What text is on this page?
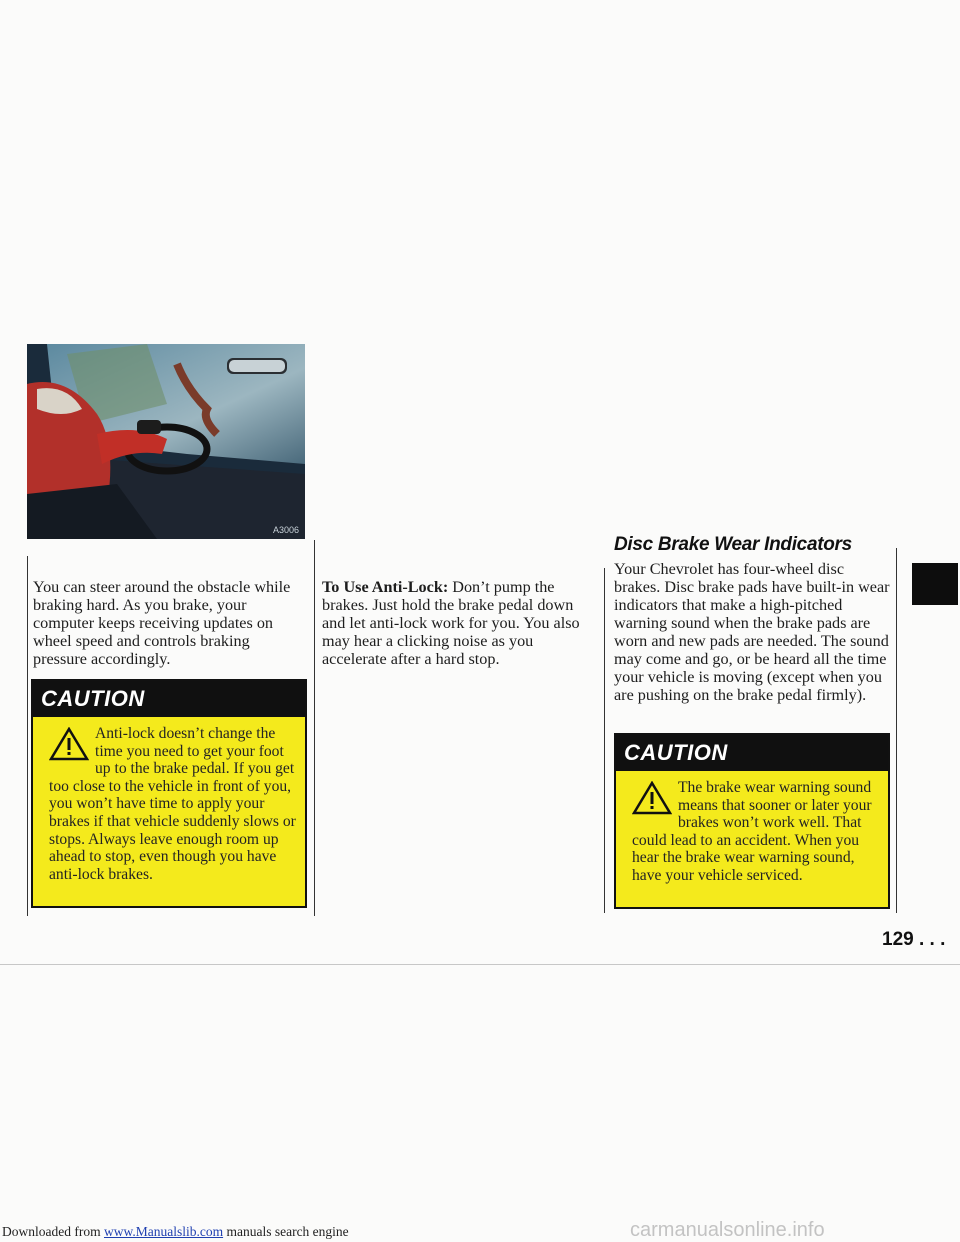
A3006

You can steer around the obstacle while braking hard. As you brake, your computer keeps receiving updates on wheel speed and controls braking pressure accordingly.

CAUTION
Anti-lock doesn’t change the time you need to get your foot up to the brake pedal. If you get too close to the vehicle in front of you, you won’t have time to apply your brakes if that vehicle suddenly slows or stops. Always leave enough room up ahead to stop, even though you have anti-lock brakes.

To Use Anti-Lock: Don’t pump the brakes. Just hold the brake pedal down and let anti-lock work for you. You also may hear a clicking noise as you accelerate after a hard stop.

Disc Brake Wear Indicators

Your Chevrolet has four-wheel disc brakes. Disc brake pads have built-in wear indicators that make a high-pitched warning sound when the brake pads are worn and new pads are needed. The sound may come and go, or be heard all the time your vehicle is moving (except when you are pushing on the brake pedal firmly).

CAUTION
The brake wear warning sound means that sooner or later your brakes won’t work well. That could lead to an accident. When you hear the brake wear warning sound, have your vehicle serviced.
129 . . .
Downloaded from www.Manualslib.com manuals search engine	carmanualsonline.info
